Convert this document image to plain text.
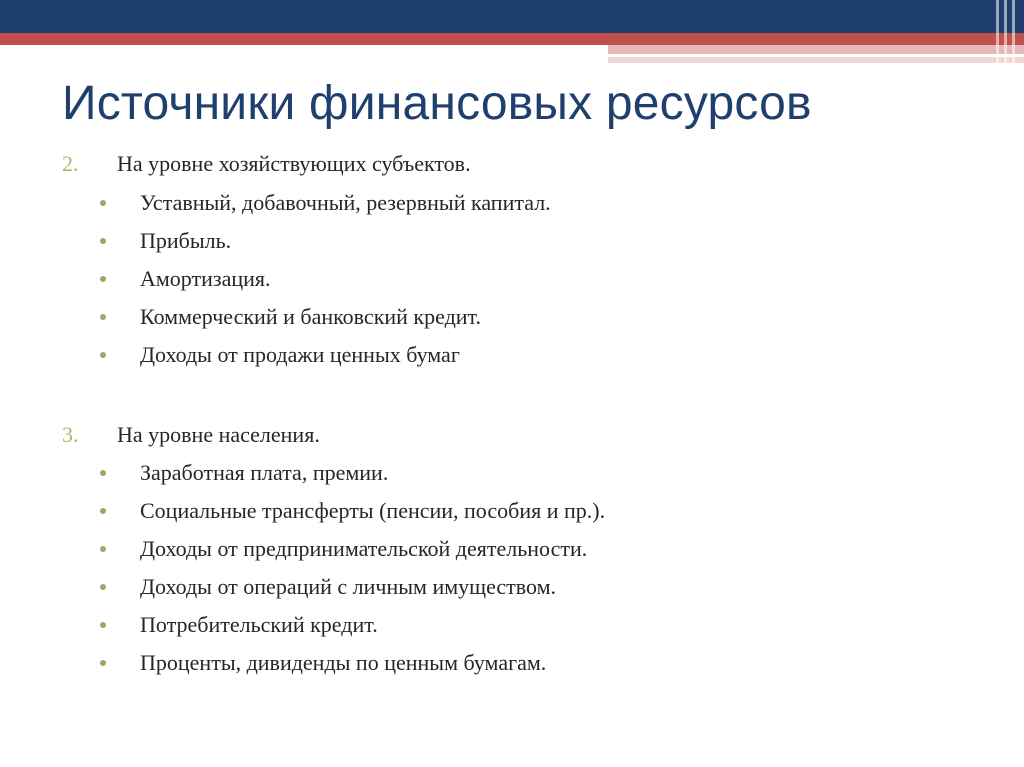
Источники финансовых ресурсов
2. На уровне хозяйствующих субъектов.
Уставный, добавочный, резервный капитал.
Прибыль.
Амортизация.
Коммерческий и банковский кредит.
Доходы от продажи ценных бумаг
3. На уровне населения.
Заработная плата, премии.
Социальные трансферты (пенсии, пособия и пр.).
Доходы от предпринимательской деятельности.
Доходы от операций с личным имуществом.
Потребительский кредит.
Проценты, дивиденды по ценным бумагам.
